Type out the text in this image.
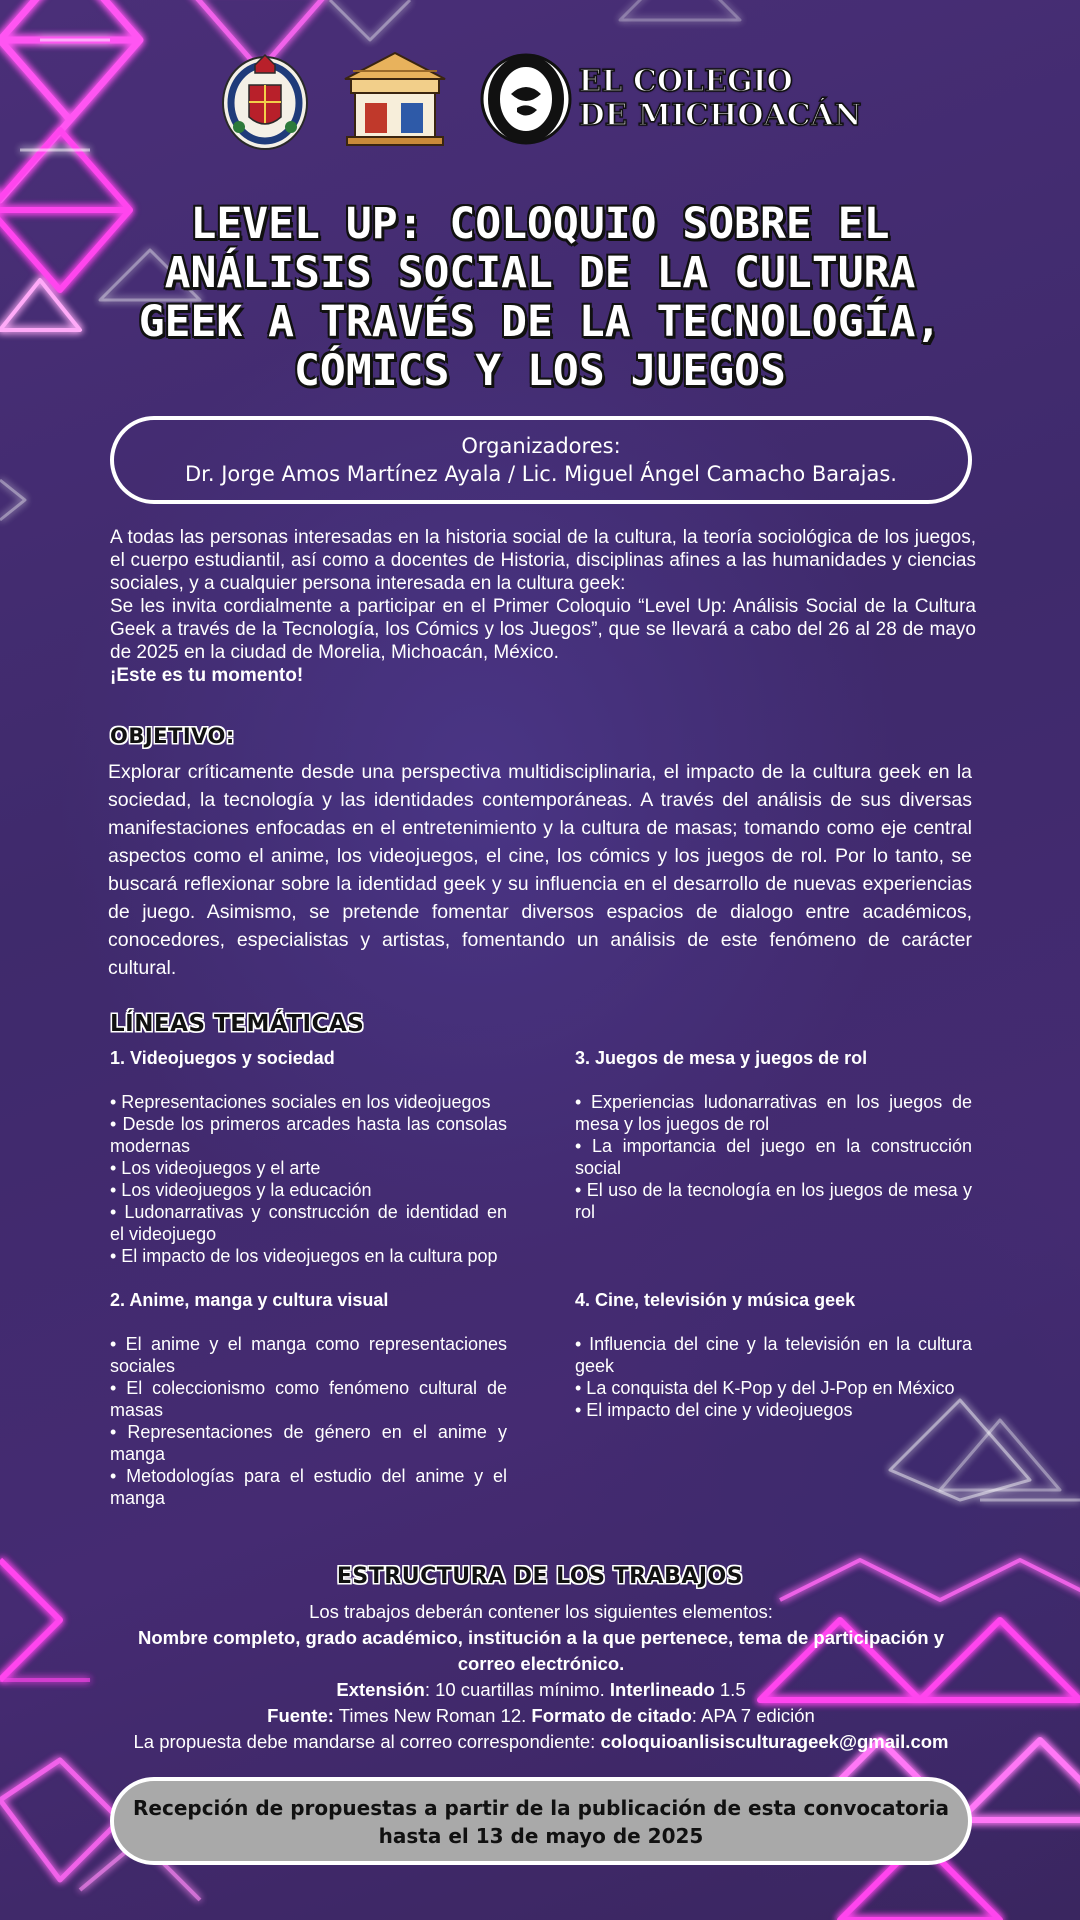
EL COLEGIO
DE MICHOACÁN
LEVEL UP: COLOQUIO SOBRE EL
ANÁLISIS SOCIAL DE LA CULTURA
GEEK A TRAVÉS DE LA TECNOLOGÍA,
CÓMICS Y LOS JUEGOS
Organizadores:
Dr. Jorge Amos Martínez Ayala / Lic. Miguel Ángel Camacho Barajas.

A todas las personas interesadas en la historia social de la cultura, la teoría sociológica de los juegos, el cuerpo estudiantil, así como a docentes de Historia, disciplinas afines a las humanidades y ciencias sociales, y a cualquier persona interesada en la cultura geek:

Se les invita cordialmente a participar en el Primer Coloquio “Level Up: Análisis Social de la Cultura Geek a través de la Tecnología, los Cómics y los Juegos”, que se llevará a cabo del 26 al 28 de mayo de 2025 en la ciudad de Morelia, Michoacán, México.

¡Este es tu momento!

OBJETIVO:

Explorar críticamente desde una perspectiva multidisciplinaria, el impacto de la cultura geek en la sociedad, la tecnología y las identidades contemporáneas. A través del análisis de sus diversas manifestaciones enfocadas en el entretenimiento y la cultura de masas; tomando como eje central aspectos como el anime, los videojuegos, el cine, los cómics y los juegos de rol. Por lo tanto, se buscará reflexionar sobre la identidad geek y su influencia en el desarrollo de nuevas experiencias de juego. Asimismo, se pretende fomentar diversos espacios de dialogo entre académicos, conocedores, especialistas y artistas, fomentando un análisis de este fenómeno de carácter cultural.

LÍNEAS TEMÁTICAS
1. Videojuegos y sociedad
• Representaciones sociales en los videojuegos
• Desde los primeros arcades hasta las consolas modernas
• Los videojuegos y el arte
• Los videojuegos y la educación
• Ludonarrativas y construcción de identidad en el videojuego
• El impacto de los videojuegos en la cultura pop
3. Juegos de mesa y juegos de rol
• Experiencias ludonarrativas en los juegos de mesa y los juegos de rol
• La importancia del juego en la construcción social
• El uso de la tecnología en los juegos de mesa y rol
2. Anime, manga y cultura visual
• El anime y el manga como representaciones sociales
• El coleccionismo como fenómeno cultural de masas
• Representaciones de género en el anime y manga
• Metodologías para el estudio del anime y el manga
4. Cine, televisión y música geek
• Influencia del cine y la televisión en la cultura geek
• La conquista del K-Pop y del J-Pop en México
• El impacto del cine y videojuegos
ESTRUCTURA DE LOS TRABAJOS
Los trabajos deberán contener los siguientes elementos:
Nombre completo, grado académico, institución a la que pertenece, tema de participación y correo electrónico.
Extensión: 10 cuartillas mínimo. Interlineado 1.5
Fuente: Times New Roman 12. Formato de citado: APA 7 edición
La propuesta debe mandarse al correo correspondiente: coloquioanlisisculturageek@gmail.com
Recepción de propuestas a partir de la publicación de esta convocatoria
hasta el 13 de mayo de 2025
